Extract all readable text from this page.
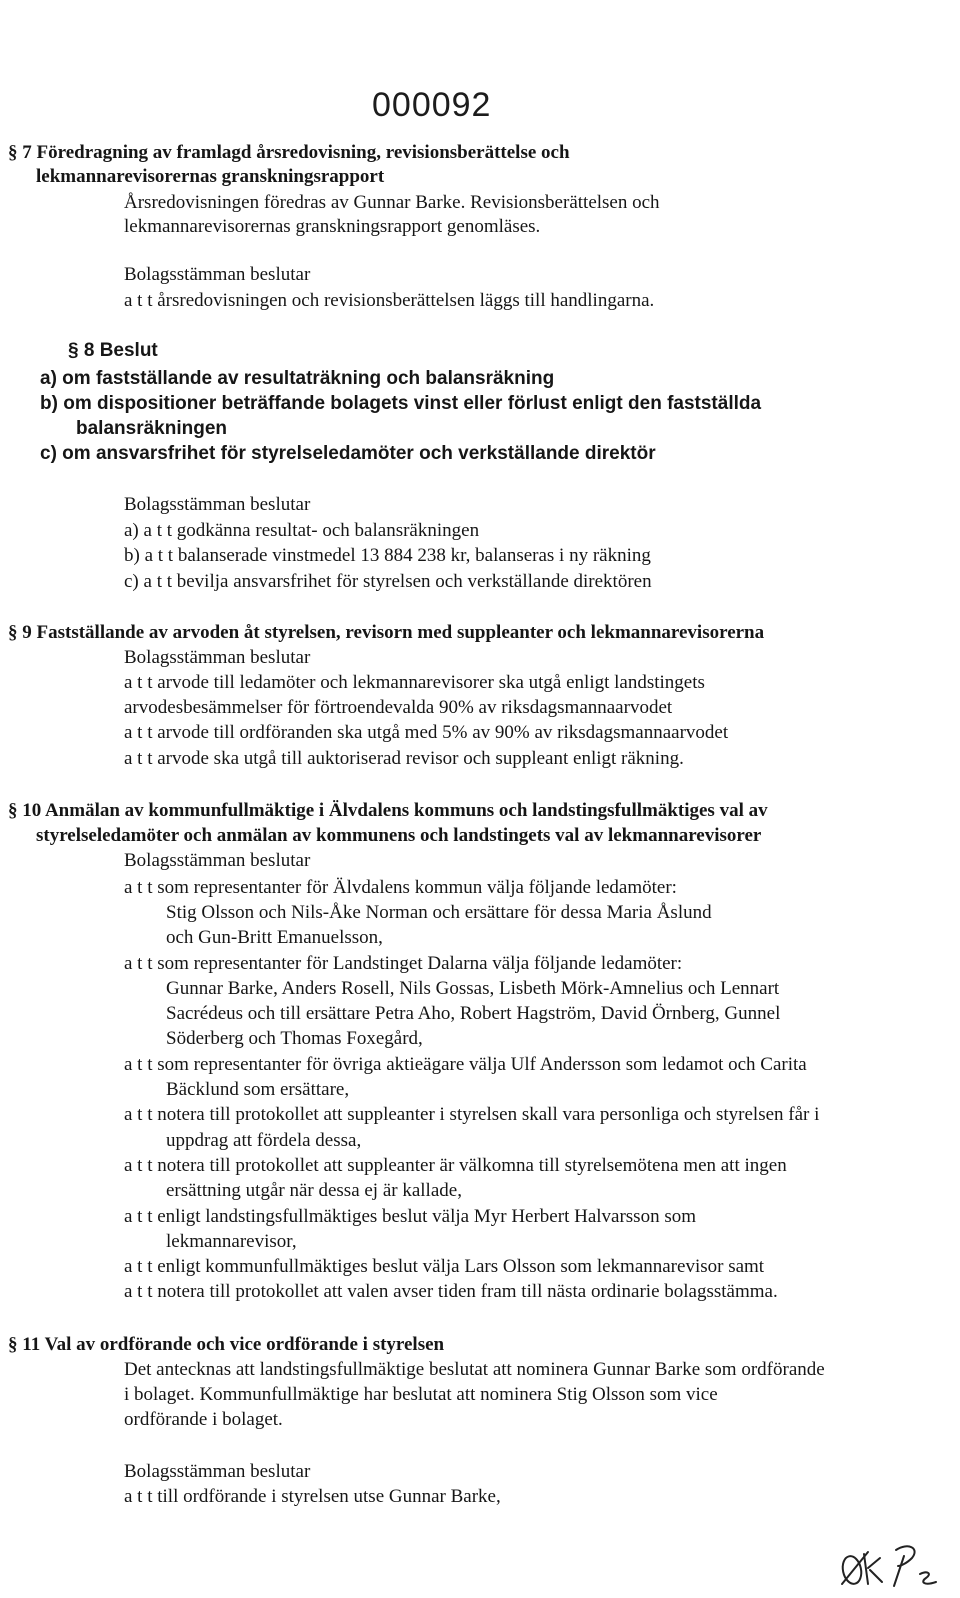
000092
§ 7 Föredragning av framlagd årsredovisning, revisionsberättelse och
lekmannarevisorernas granskningsrapport
Årsredovisningen föredras av Gunnar Barke. Revisionsberättelsen och
lekmannarevisorernas granskningsrapport genomläses.
Bolagsstämman beslutar
a t t årsredovisningen och revisionsberättelsen läggs till handlingarna.
§ 8 Beslut
a) om fastställande av resultaträkning och balansräkning
b) om dispositioner beträffande bolagets vinst eller förlust enligt den fastställda
balansräkningen
c) om ansvarsfrihet för styrelseledamöter och verkställande direktör
Bolagsstämman beslutar
a) a t t godkänna resultat- och balansräkningen
b) a t t balanserade vinstmedel 13 884 238 kr, balanseras i ny räkning
c) a t t bevilja ansvarsfrihet för styrelsen och verkställande direktören
§ 9 Fastställande av arvoden åt styrelsen, revisorn med suppleanter och lekmannarevisorerna
Bolagsstämman beslutar
a t t arvode till ledamöter och lekmannarevisorer ska utgå enligt landstingets
arvodesbesämmelser för förtroendevalda 90% av riksdagsmannaarvodet
a t t arvode till ordföranden ska utgå med 5% av 90% av riksdagsmannaarvodet
a t t arvode ska utgå till auktoriserad revisor och suppleant enligt räkning.
§ 10 Anmälan av kommunfullmäktige i Älvdalens kommuns och landstingsfullmäktiges val av
styrelseledamöter och anmälan av kommunens och landstingets val av lekmannarevisorer
Bolagsstämman beslutar
a t t som representanter för Älvdalens kommun välja följande ledamöter:
Stig Olsson och Nils-Åke Norman och ersättare för dessa Maria Åslund
och Gun-Britt Emanuelsson,
a t t som representanter för Landstinget Dalarna välja följande ledamöter:
Gunnar Barke, Anders Rosell, Nils Gossas, Lisbeth Mörk-Amnelius och Lennart
Sacrédeus och till ersättare Petra Aho, Robert Hagström, David Örnberg, Gunnel
Söderberg och Thomas Foxegård,
a t t som representanter för övriga aktieägare välja Ulf Andersson som ledamot och Carita
Bäcklund som ersättare,
a t t notera till protokollet att suppleanter i styrelsen skall vara personliga och styrelsen får i
uppdrag att fördela dessa,
a t t notera till protokollet att suppleanter är välkomna till styrelsemötena men att ingen
ersättning utgår när dessa ej är kallade,
a t t enligt landstingsfullmäktiges beslut välja Myr Herbert Halvarsson som
lekmannarevisor,
a t t enligt kommunfullmäktiges beslut välja Lars Olsson som lekmannarevisor samt
a t t notera till protokollet att valen avser tiden fram till nästa ordinarie bolagsstämma.
§ 11 Val av ordförande och vice ordförande i styrelsen
Det antecknas att landstingsfullmäktige beslutat att nominera Gunnar Barke som ordförande
i bolaget. Kommunfullmäktige har beslutat att nominera Stig Olsson som vice
ordförande i bolaget.
Bolagsstämman beslutar
a t t till ordförande i styrelsen utse Gunnar Barke,
